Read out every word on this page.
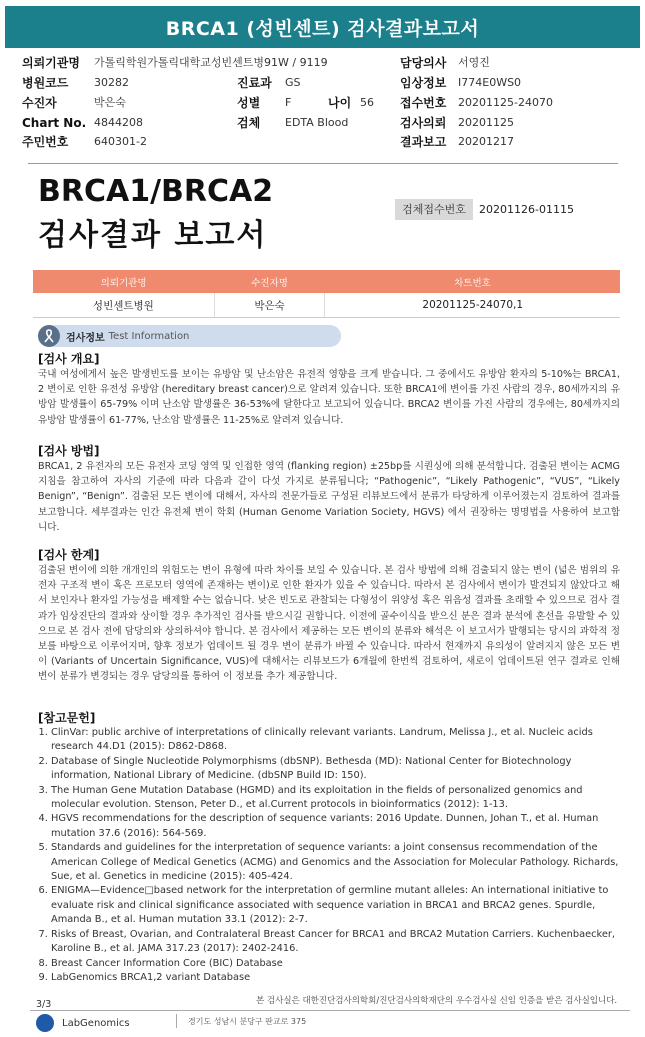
BRCA1 (성빈센트) 검사결과보고서
의뢰기관명 가톨릭학원가톨릭대학교성빈센트병91W / 9119	담당의사 서영진
병원코드 30282	진료과 GS	임상정보 I774E0WS0
수진자	박은숙	성별 F	나이 56 접수번호 20201125-24070
Chart No. 4844208	검체 EDTA Blood	검사의뢰 20201125
주민번호 640301-2	결과보고 20201217
BRCA1/BRCA2
검사결과 보고서
검체접수번호	20201126-01115
의뢰기관명	수진자명	차트번호
성빈센트병원	박은숙	20201125-24070,1
검사정보 Test Information
[검사 개요]

국내 여성에게서 높은 발생빈도를 보이는 유방암 및 난소암은 유전적 영향을 크게 받습니다. 그 중에서도 유방암 환자의 5-10%는 BRCA1, 2 변이로 인한 유전성 유방암 (hereditary breast cancer)으로 알려져 있습니다. 또한 BRCA1에 변이를 가진 사람의 경우, 80세까지의 유방암 발생률이 65-79% 이며 난소암 발생률은 36-53%에 달한다고 보고되어 있습니다. BRCA2 변이를 가진 사람의 경우에는, 80세까지의 유방암 발생률이 61-77%, 난소암 발생률은 11-25%로 알려져 있습니다.

[검사 방법]

BRCA1, 2 유전자의 모든 유전자 코딩 영역 및 인접한 영역 (flanking region) ±25bp를 시퀀싱에 의해 분석합니다. 검출된 변이는 ACMG 지침을 참고하여 자사의 기준에 따라 다음과 같이 다섯 가지로 분류됩니다; “Pathogenic”, “Likely Pathogenic”, “VUS”, “Likely Benign”, “Benign”. 검출된 모든 변이에 대해서, 자사의 전문가들로 구성된 리뷰보드에서 분류가 타당하게 이루어졌는지 검토하여 결과를 보고합니다. 세부결과는 인간 유전체 변이 학회 (Human Genome Variation Society, HGVS) 에서 권장하는 명명법을 사용하여 보고합니다.

[검사 한계]

검출된 변이에 의한 개개인의 위험도는 변이 유형에 따라 차이를 보일 수 있습니다. 본 검사 방법에 의해 검출되지 않는 변이 (넓은 범위의 유전자 구조적 변이 혹은 프로모터 영역에 존재하는 변이)로 인한 환자가 있을 수 있습니다. 따라서 본 검사에서 변이가 발견되지 않았다고 해서 보인자나 환자일 가능성을 배제할 수는 없습니다. 낮은 빈도로 관찰되는 다형성이 위양성 혹은 위음성 결과를 초래할 수 있으므로 검사 결과가 임상진단의 결과와 상이할 경우 추가적인 검사를 받으시길 권합니다. 이전에 골수이식을 받으신 분은 결과 분석에 혼선을 유발할 수 있으므로 본 검사 전에 담당의와 상의하셔야 합니다. 본 검사에서 제공하는 모든 변이의 분류와 해석은 이 보고서가 발행되는 당시의 과학적 정보를 바탕으로 이루어지며, 향후 정보가 업데이트 될 경우 변이 분류가 바뀔 수 있습니다. 따라서 현재까지 유의성이 알려지지 않은 모든 변이 (Variants of Uncertain Significance, VUS)에 대해서는 리뷰보드가 6개월에 한번씩 검토하여, 새로이 업데이트된 연구 결과로 인해 변이 분류가 변경되는 경우 담당의를 통하여 이 정보를 추가 제공합니다.

[참고문헌]
1. ClinVar: public archive of interpretations of clinically relevant variants. Landrum, Melissa J., et al. Nucleic acids research 44.D1 (2015): D862-D868.
2. Database of Single Nucleotide Polymorphisms (dbSNP). Bethesda (MD): National Center for Biotechnology information, National Library of Medicine. (dbSNP Build ID: 150).
3. The Human Gene Mutation Database (HGMD) and its exploitation in the fields of personalized genomics and molecular evolution. Stenson, Peter D., et al.Current protocols in bioinformatics (2012): 1-13.
4. HGVS recommendations for the description of sequence variants: 2016 Update. Dunnen, Johan T., et al. Human mutation 37.6 (2016): 564-569.
5. Standards and guidelines for the interpretation of sequence variants: a joint consensus recommendation of the American College of Medical Genetics (ACMG) and Genomics and the Association for Molecular Pathology. Richards, Sue, et al. Genetics in medicine (2015): 405-424.
6. ENIGMA—Evidence□based network for the interpretation of germline mutant alleles: An international initiative to evaluate risk and clinical significance associated with sequence variation in BRCA1 and BRCA2 genes. Spurdle, Amanda B., et al. Human mutation 33.1 (2012): 2-7.
7. Risks of Breast, Ovarian, and Contralateral Breast Cancer for BRCA1 and BRCA2 Mutation Carriers. Kuchenbaecker, Karoline B., et al. JAMA 317.23 (2017): 2402-2416.
8. Breast Cancer Information Core (BIC) Database
9. LabGenomics BRCA1,2 variant Database
본 검사실은 대한진단검사의학회/진단검사의학재단의 우수검사실 신임 인증을 받은 검사실입니다.
3/3
LabGenomics	경기도 성남시 분당구 판교로 375
